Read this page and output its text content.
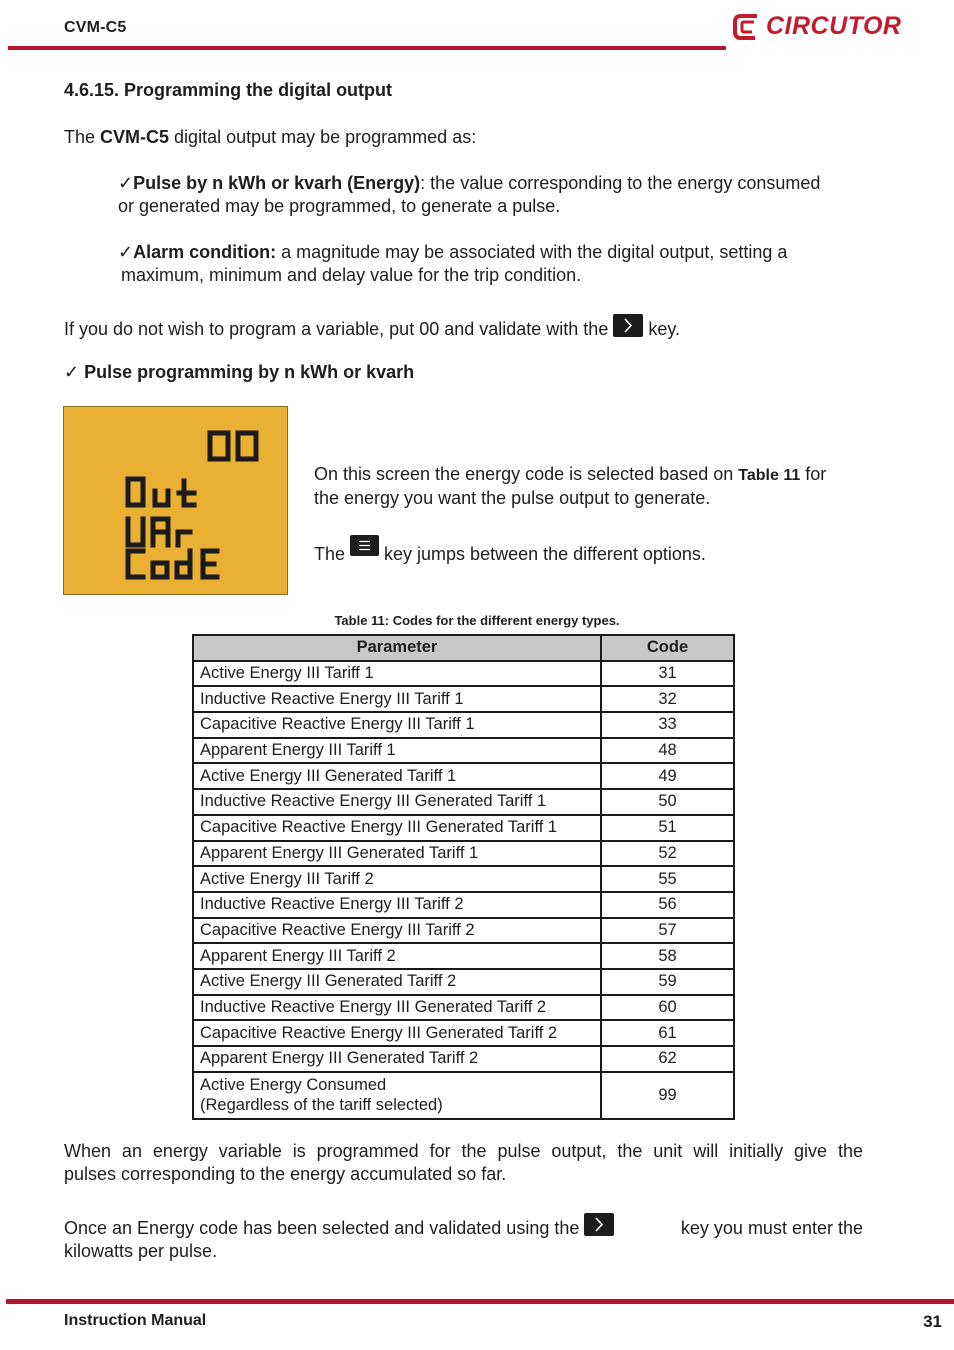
CVM-C5	CIRCUTOR
4.6.15. Programming the digital output
The CVM-C5 digital output may be programmed as:
✓Pulse by n kWh or kvarh (Energy): the value corresponding to the energy consumed
or generated may be programmed, to generate a pulse.
✓Alarm condition: a magnitude may be associated with the digital output, setting a
maximum, minimum and delay value for the trip condition.
If you do not wish to program a variable, put 00 and validate with the
key.
✓ Pulse programming by n kWh or kvarh
On this screen the energy code is selected based on Table 11 for
the energy you want the pulse output to generate.
The
key jumps between the different options.
Table 11: Codes for the different energy types.
Parameter	Code
Active Energy III Tariff 1	31
Inductive Reactive Energy III Tariff 1	32
Capacitive Reactive Energy III Tariff 1	33
Apparent Energy III Tariff 1	48
Active Energy III Generated Tariff 1	49
Inductive Reactive Energy III Generated Tariff 1	50
Capacitive Reactive Energy III Generated Tariff 1	51
Apparent Energy III Generated Tariff 1	52
Active Energy III Tariff 2	55
Inductive Reactive Energy III Tariff 2	56
Capacitive Reactive Energy III Tariff 2	57
Apparent Energy III Tariff 2	58
Active Energy III Generated Tariff 2	59
Inductive Reactive Energy III Generated Tariff 2	60
Capacitive Reactive Energy III Generated Tariff 2	61
Apparent Energy III Generated Tariff 2	62

Active Energy Consumed
(Regardless of the tariff selected)	99
When an energy variable is programmed for the pulse output, the unit will initially give the
pulses corresponding to the energy accumulated so far.
Once an Energy code has been selected and validated using the	key you must enter the
kilowatts per pulse.
Instruction Manual	31
